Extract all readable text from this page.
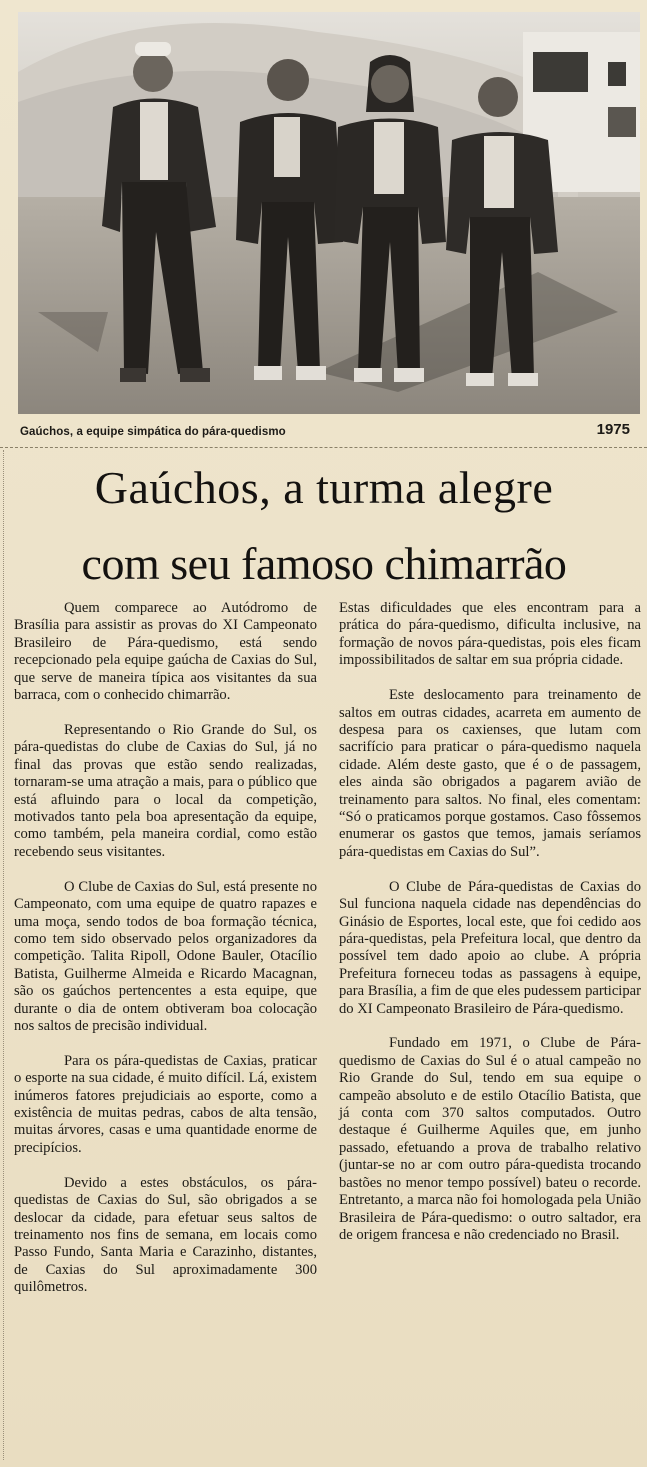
Gaúchos, a equipe simpática do pára-quedismo	1975
Gaúchos, a turma alegre
com seu famoso chimarrão

Quem comparece ao Autódromo de Brasília para assistir as provas do XI Campeonato Brasileiro de Pára-quedismo, está sendo recepcionado pela equipe gaúcha de Caxias do Sul, que serve de maneira típica aos visitantes da sua barraca, com o conhecido chimarrão.

Representando o Rio Grande do Sul, os pára-quedistas do clube de Caxias do Sul, já no final das provas que estão sendo realizadas, tornaram-se uma atração a mais, para o público que está afluindo para o local da competição, motivados tanto pela boa apresentação da equipe, como também, pela maneira cordial, como estão recebendo seus visitantes.

O Clube de Caxias do Sul, está presente no Campeonato, com uma equipe de quatro rapazes e uma moça, sendo todos de boa formação técnica, como tem sido observado pelos organizadores da competição. Talita Ripoll, Odone Bauler, Otacílio Batista, Guilherme Almeida e Ricardo Macagnan, são os gaúchos pertencentes a esta equipe, que durante o dia de ontem obtiveram boa colocação nos saltos de precisão individual.

Para os pára-quedistas de Caxias, praticar o esporte na sua cidade, é muito difícil. Lá, existem inúmeros fatores prejudiciais ao esporte, como a existência de muitas pedras, cabos de alta tensão, muitas árvores, casas e uma quantidade enorme de precipícios.

Devido a estes obstáculos, os pára-quedistas de Caxias do Sul, são obrigados a se deslocar da cidade, para efetuar seus saltos de treinamento nos fins de semana, em locais como Passo Fundo, Santa Maria e Carazinho, distantes, de Caxias do Sul aproximadamente 300 quilômetros.

Estas dificuldades que eles encontram para a prática do pára-quedismo, dificulta inclusive, na formação de novos pára-quedistas, pois eles ficam impossibilitados de saltar em sua própria cidade.

Este deslocamento para treinamento de saltos em outras cidades, acarreta em aumento de despesa para os caxienses, que lutam com sacrifício para praticar o pára-quedismo naquela cidade. Além deste gasto, que é o de passagem, eles ainda são obrigados a pagarem avião de treinamento para saltos. No final, eles comentam: “Só o praticamos porque gostamos. Caso fôssemos enumerar os gastos que temos, jamais seríamos pára-quedistas em Caxias do Sul”.

O Clube de Pára-quedistas de Caxias do Sul funciona naquela cidade nas dependências do Ginásio de Esportes, local este, que foi cedido aos pára-quedistas, pela Prefeitura local, que dentro da possível tem dado apoio ao clube. A própria Prefeitura forneceu todas as passagens à equipe, para Brasília, a fim de que eles pudessem participar do XI Campeonato Brasileiro de Pára-quedismo.

Fundado em 1971, o Clube de Pára-quedismo de Caxias do Sul é o atual campeão no Rio Grande do Sul, tendo em sua equipe o campeão absoluto e de estilo Otacílio Batista, que já conta com 370 saltos computados. Outro destaque é Guilherme Aquiles que, em junho passado, efetuando a prova de trabalho relativo (juntar-se no ar com outro pára-quedista trocando bastões no menor tempo possível) bateu o recorde. Entretanto, a marca não foi homologada pela União Brasileira de Pára-quedismo: o outro saltador, era de origem francesa e não credenciado no Brasil.
